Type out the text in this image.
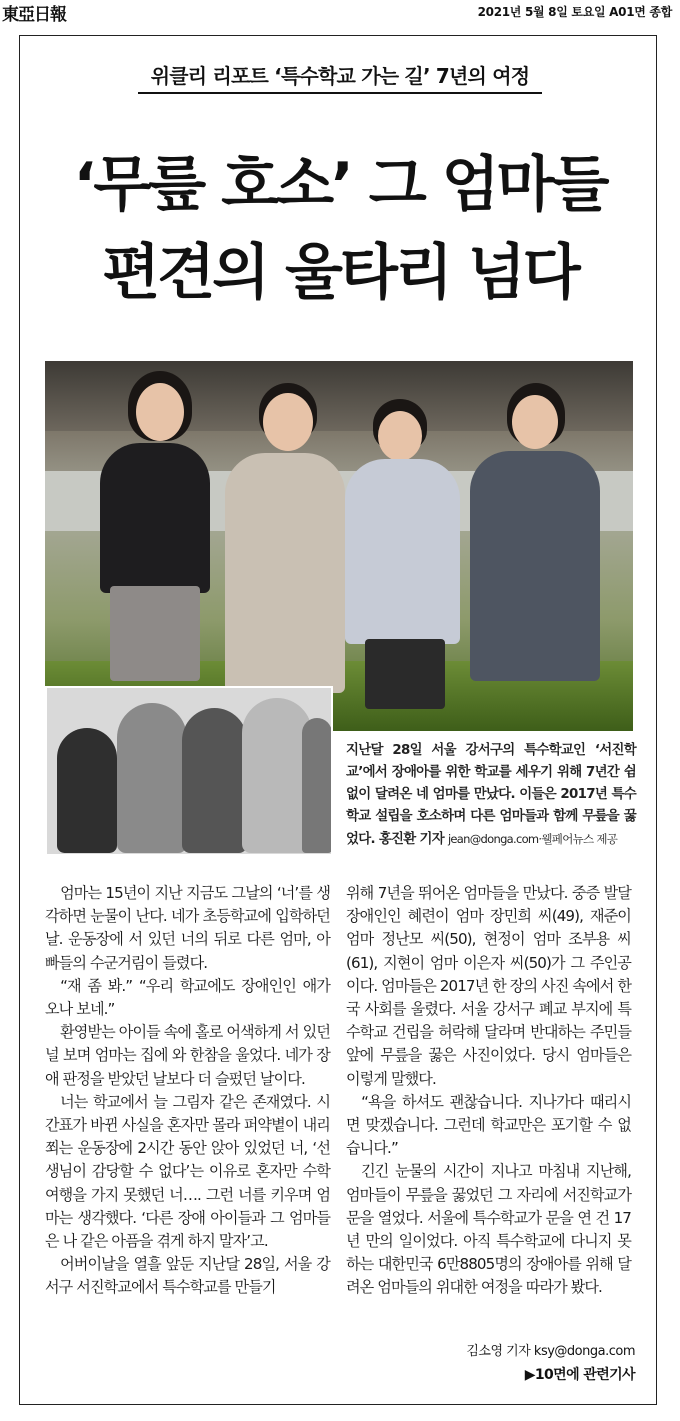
東亞日報	2021년 5월 8일 토요일 A01면 종합
위클리 리포트 ‘특수학교 가는 길’ 7년의 여정
‘무릎 호소’ 그 엄마들
편견의 울타리 넘다
지난달 28일 서울 강서구의 특수학교인 ‘서진학교’에서 장애아를 위한 학교를 세우기 위해 7년간 쉼 없이 달려온 네 엄마를 만났다. 이들은 2017년 특수학교 설립을 호소하며 다른 엄마들과 함께 무릎을 꿇었다. 홍진환 기자 jean@donga.com·웰페어뉴스 제공

엄마는 15년이 지난 지금도 그날의 ‘너’를 생각하면 눈물이 난다. 네가 초등학교에 입학하던 날. 운동장에 서 있던 너의 뒤로 다른 엄마, 아빠들의 수군거림이 들렸다.

“재 좀 봐.” “우리 학교에도 장애인인 애가 오나 보네.”

환영받는 아이들 속에 홀로 어색하게 서 있던 널 보며 엄마는 집에 와 한참을 울었다. 네가 장애 판정을 받았던 날보다 더 슬펐던 날이다.

너는 학교에서 늘 그림자 같은 존재였다. 시간표가 바뀐 사실을 혼자만 몰라 퍼약볕이 내리쬐는 운동장에 2시간 동안 앉아 있었던 너, ‘선생님이 감당할 수 없다’는 이유로 혼자만 수학여행을 가지 못했던 너…. 그런 너를 키우며 엄마는 생각했다. ‘다른 장애 아이들과 그 엄마들은 나 같은 아픔을 겪게 하지 말자’고.

어버이날을 열흘 앞둔 지난달 28일, 서울 강서구 서진학교에서 특수학교를 만들기

위해 7년을 뛰어온 엄마들을 만났다. 중증 발달장애인인 혜련이 엄마 장민희 씨(49), 재준이 엄마 정난모 씨(50), 현정이 엄마 조부용 씨(61), 지현이 엄마 이은자 씨(50)가 그 주인공이다. 엄마들은 2017년 한 장의 사진 속에서 한국 사회를 울렸다. 서울 강서구 폐교 부지에 특수학교 건립을 허락해 달라며 반대하는 주민들 앞에 무릎을 꿇은 사진이었다. 당시 엄마들은 이렇게 말했다.

“욕을 하셔도 괜찮습니다. 지나가다 때리시면 맞겠습니다. 그런데 학교만은 포기할 수 없습니다.”

긴긴 눈물의 시간이 지나고 마침내 지난해, 엄마들이 무릎을 꿇었던 그 자리에 서진학교가 문을 열었다. 서울에 특수학교가 문을 연 건 17년 만의 일이었다. 아직 특수학교에 다니지 못하는 대한민국 6만8805명의 장애아를 위해 달려온 엄마들의 위대한 여정을 따라가 봤다.

김소영 기자 ksy@donga.com
▶10면에 관련기사
